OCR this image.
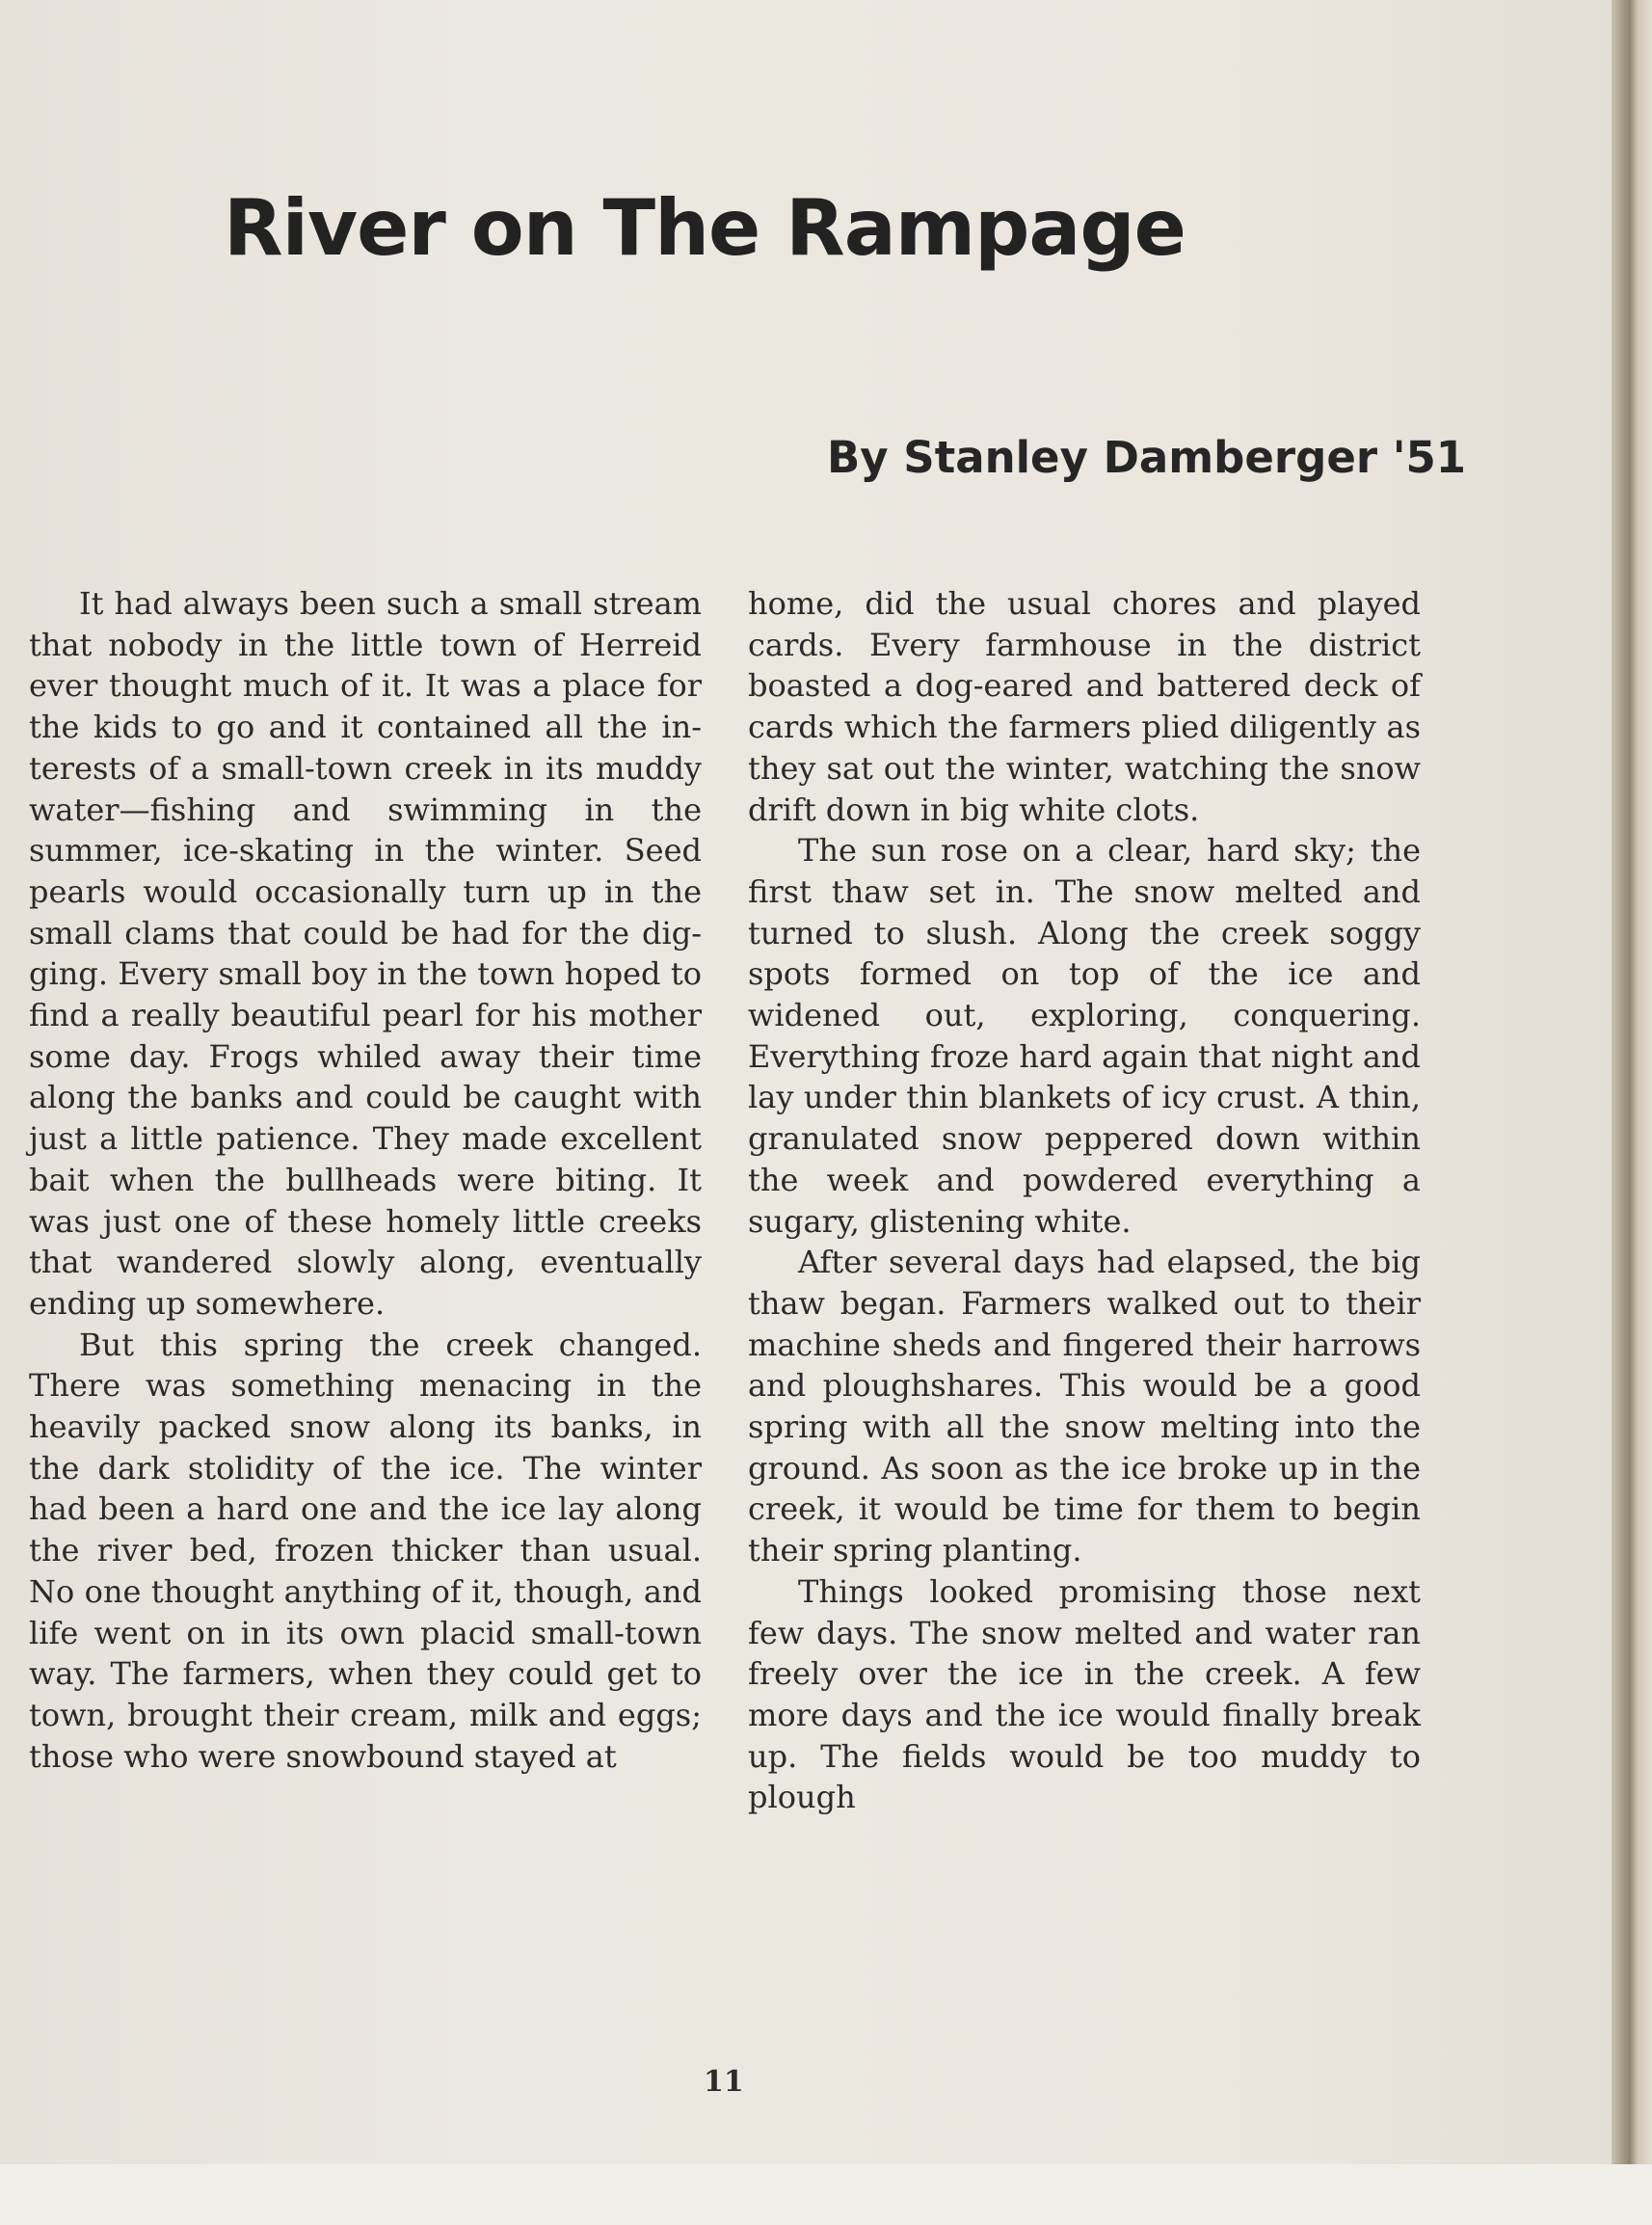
River on The Rampage
By Stanley Damberger '51

It had always been such a small stream that nobody in the little town of Herreid ever thought much of it. It was a place for the kids to go and it contained all the interests of a small-town creek in its muddy water—fishing and swimming in the summer, ice-skating in the winter. Seed pearls would occasionally turn up in the small clams that could be had for the digging. Every small boy in the town hoped to find a really beautiful pearl for his mother some day. Frogs whiled away their time along the banks and could be caught with just a little patience. They made excellent bait when the bullheads were biting. It was just one of these homely little creeks that wandered slowly along, eventually ending up somewhere.

But this spring the creek changed. There was something menacing in the heavily packed snow along its banks, in the dark stolidity of the ice. The winter had been a hard one and the ice lay along the river bed, frozen thicker than usual. No one thought anything of it, though, and life went on in its own placid small-town way. The farmers, when they could get to town, brought their cream, milk and eggs; those who were snowbound stayed at

home, did the usual chores and played cards. Every farmhouse in the district boasted a dog-eared and battered deck of cards which the farmers plied diligently as they sat out the winter, watching the snow drift down in big white clots.

The sun rose on a clear, hard sky; the first thaw set in. The snow melted and turned to slush. Along the creek soggy spots formed on top of the ice and widened out, exploring, conquering. Everything froze hard again that night and lay under thin blankets of icy crust. A thin, granulated snow peppered down within the week and powdered everything a sugary, glistening white.

After several days had elapsed, the big thaw began. Farmers walked out to their machine sheds and fingered their harrows and ploughshares. This would be a good spring with all the snow melting into the ground. As soon as the ice broke up in the creek, it would be time for them to begin their spring planting.

Things looked promising those next few days. The snow melted and water ran freely over the ice in the creek. A few more days and the ice would finally break up. The fields would be too muddy to plough

11
